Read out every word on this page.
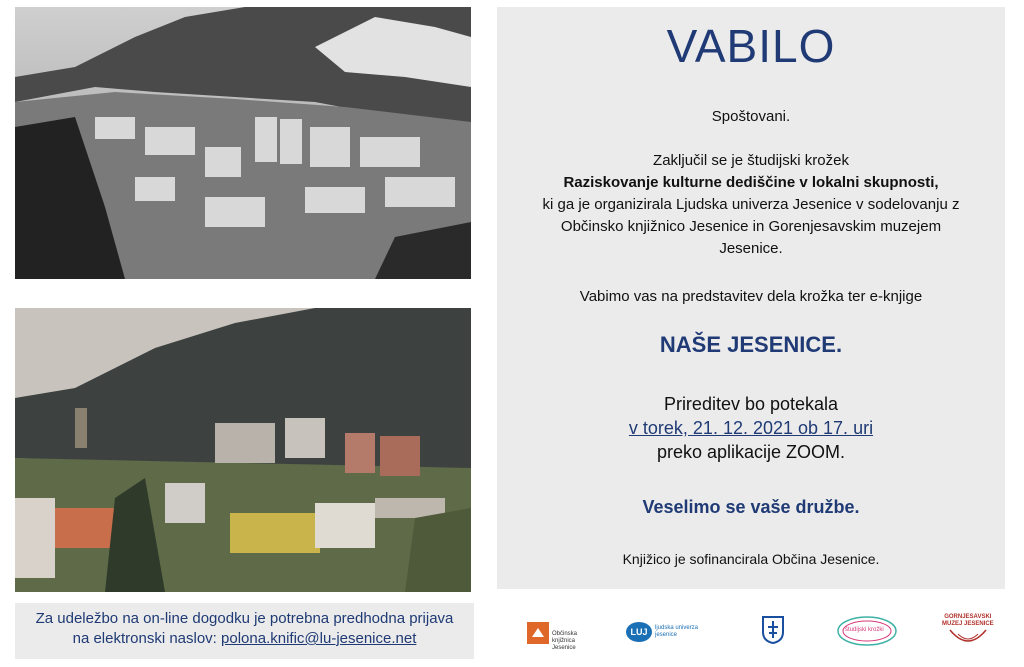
VABILO
Spoštovani.
Zaključil se je študijski krožek
Raziskovanje kulturne dediščine v lokalni skupnosti,
ki ga je organizirala Ljudska univerza Jesenice v sodelovanju z
Občinsko knjižnico Jesenice in Gorenjesavskim muzejem
Jesenice.
Vabimo vas na predstavitev dela krožka ter e-knjige
NAŠE JESENICE.
Prireditev bo potekala
v torek, 21. 12. 2021 ob 17. uri
preko aplikacije ZOOM.
Veselimo se vaše družbe.
Knjižico je sofinancirala Občina Jesenice.
Za udeležbo na on-line dogodku je potrebna predhodna prijava
na elektronski naslov: polona.knific@lu-jesenice.net	Občinska
knjižnica
Jesenice
LUJ	ljudska univerza
jesenice
študijski krožki
GORNJESAVSKI
MUZEJ JESENICE
